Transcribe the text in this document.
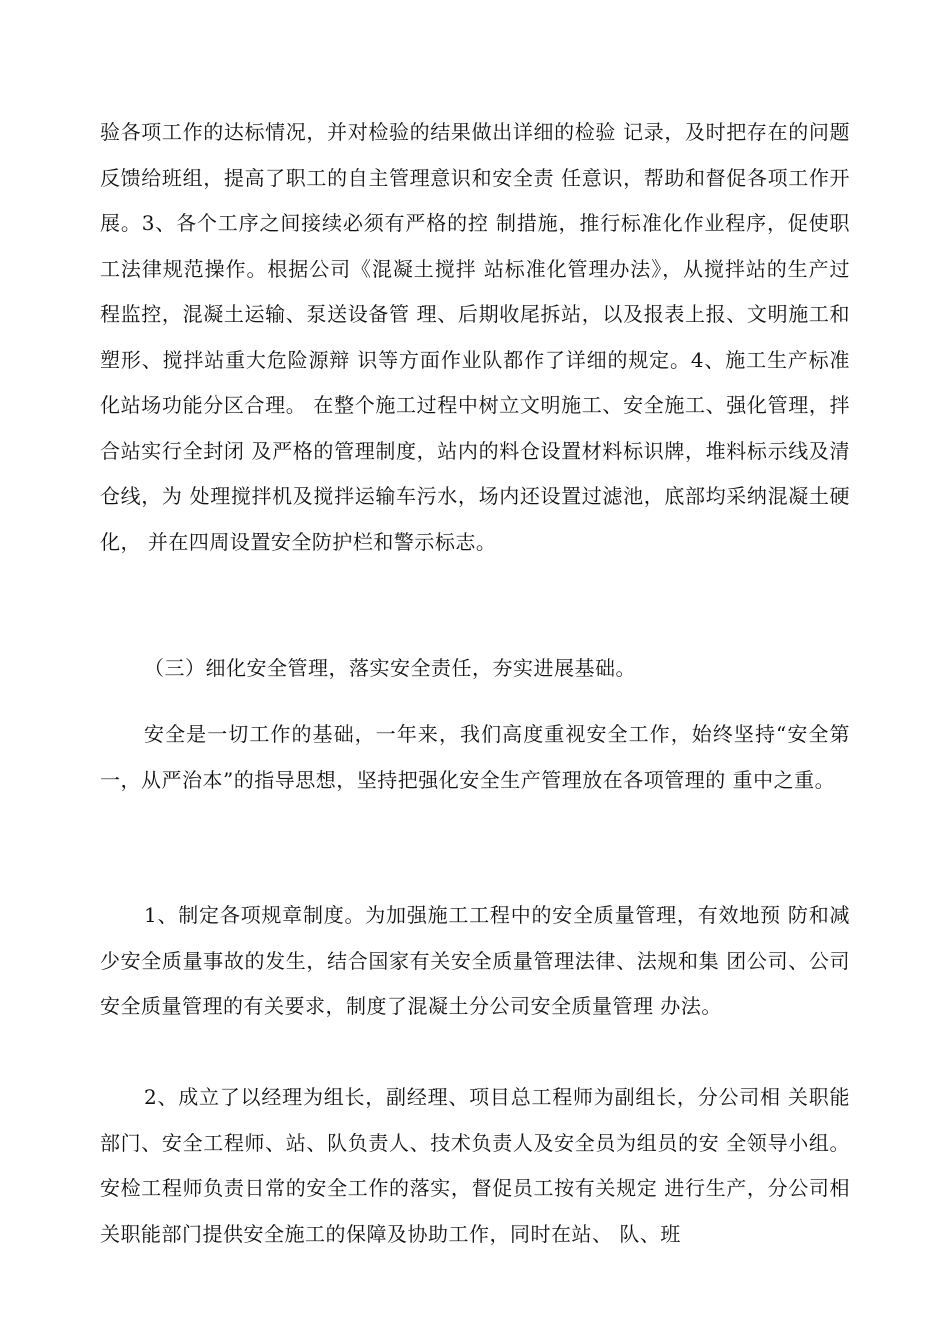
验各项工作的达标情况，并对检验的结果做出详细的检验 记录，及时把存在的问题反馈给班组，提高了职工的自主管理意识和安全责 任意识，帮助和督促各项工作开展。3、各个工序之间接续必须有严格的控 制措施，推行标准化作业程序，促使职工法律规范操作。根据公司《混凝土搅拌 站标准化管理办法》，从搅拌站的生产过程监控，混凝土运输、泵送设备管 理、后期收尾拆站，以及报表上报、文明施工和塑形、搅拌站重大危险源辩 识等方面作业队都作了详细的规定。4、施工生产标准化站场功能分区合理。 在整个施工过程中树立文明施工、安全施工、强化管理，拌合站实行全封闭 及严格的管理制度，站内的料仓设置材料标识牌，堆料标示线及清仓线，为 处理搅拌机及搅拌运输车污水，场内还设置过滤池，底部均采纳混凝土硬化， 并在四周设置安全防护栏和警示标志。

（三）细化安全管理，落实安全责任，夯实进展基础。

安全是一切工作的基础，一年来，我们高度重视安全工作，始终坚持“安全第一，从严治本”的指导思想，坚持把强化安全生产管理放在各项管理的 重中之重。

1、制定各项规章制度。为加强施工工程中的安全质量管理，有效地预 防和减少安全质量事故的发生，结合国家有关安全质量管理法律、法规和集 团公司、公司安全质量管理的有关要求，制度了混凝土分公司安全质量管理 办法。

2、成立了以经理为组长，副经理、项目总工程师为副组长，分公司相 关职能部门、安全工程师、站、队负责人、技术负责人及安全员为组员的安 全领导小组。安检工程师负责日常的安全工作的落实，督促员工按有关规定 进行生产，分公司相关职能部门提供安全施工的保障及协助工作，同时在站、 队、班
